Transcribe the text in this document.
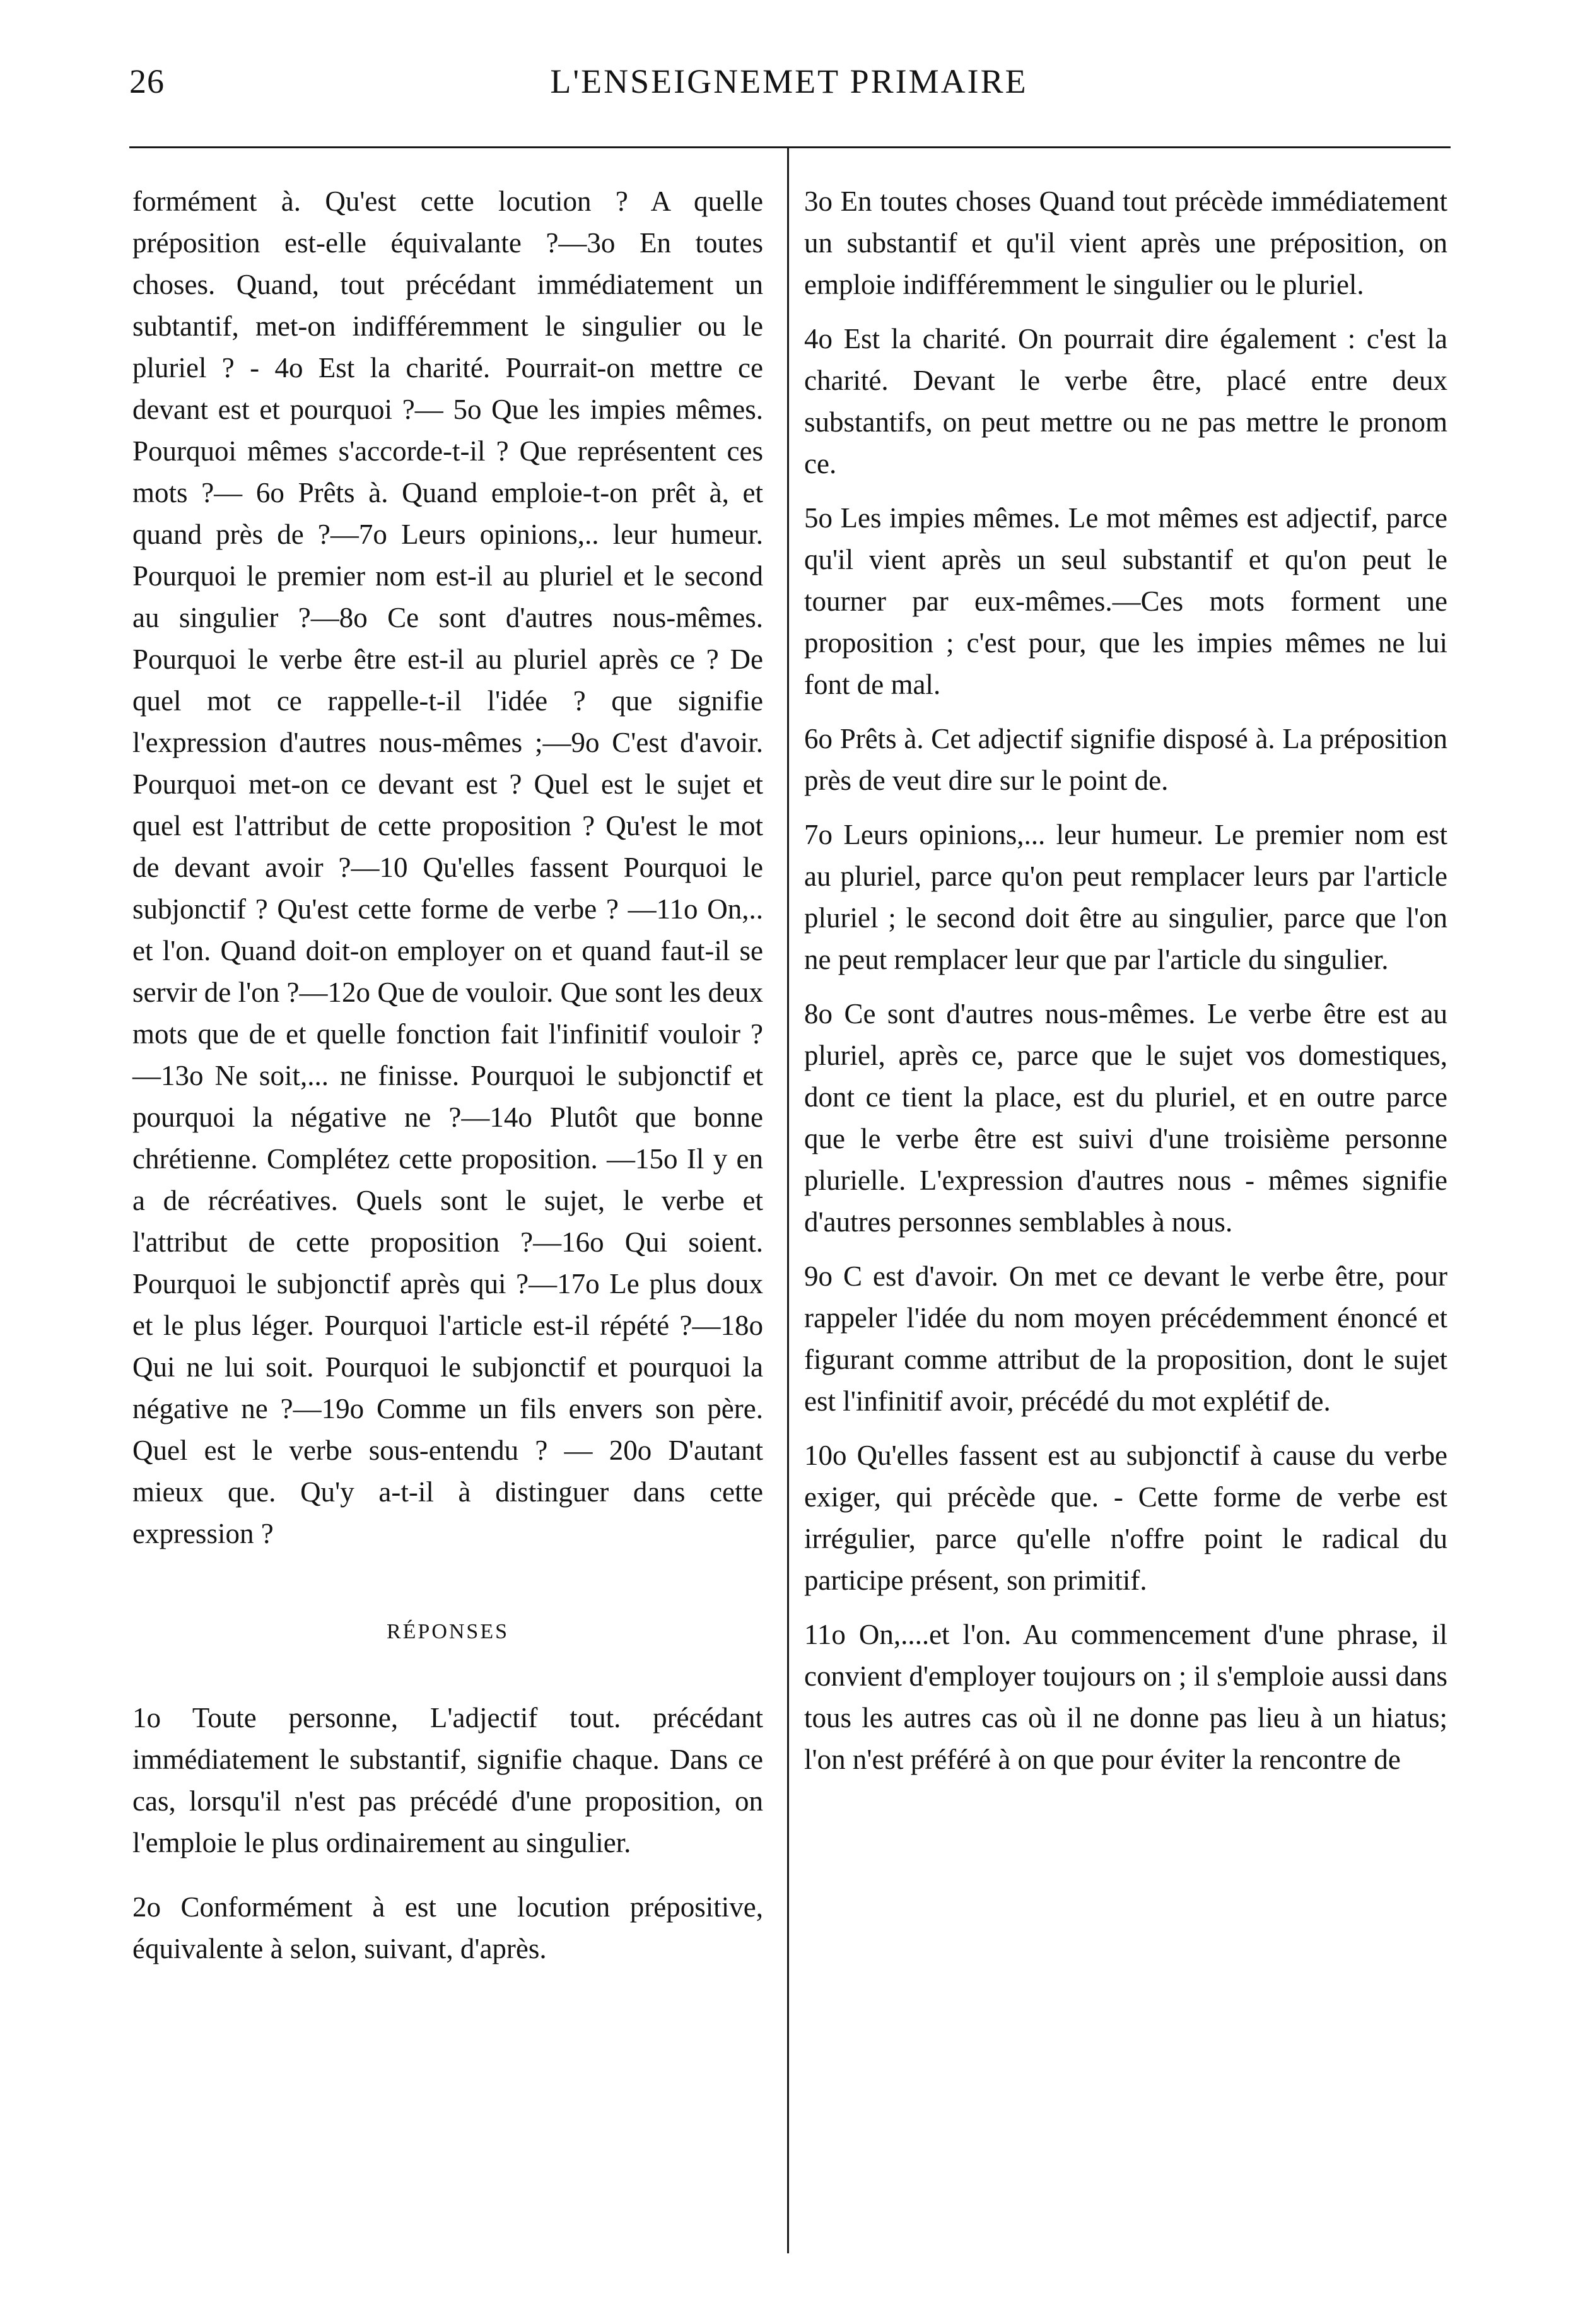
26	L'ENSEIGNEMET PRIMAIRE

formément à. Qu'est cette locution ? A quelle préposition est-elle équivalante ?—3o En toutes choses. Quand, tout précédant immédiatement un subtantif, met-on indifféremment le singulier ou le pluriel ? - 4o Est la charité. Pourrait-on mettre ce devant est et pourquoi ?— 5o Que les impies mêmes. Pourquoi mêmes s'accorde-t-il ? Que représentent ces mots ?— 6o Prêts à. Quand emploie-t-on prêt à, et quand près de ?—7o Leurs opinions,.. leur humeur. Pourquoi le premier nom est-il au pluriel et le second au singulier ?—8o Ce sont d'autres nous-mêmes. Pourquoi le verbe être est-il au pluriel après ce ? De quel mot ce rappelle-t-il l'idée ? que signifie l'expression d'autres nous-mêmes ;—9o C'est d'avoir. Pourquoi met-on ce devant est ? Quel est le sujet et quel est l'attribut de cette proposition ? Qu'est le mot de devant avoir ?—10 Qu'elles fassent Pourquoi le subjonctif ? Qu'est cette forme de verbe ? —11o On,.. et l'on. Quand doit-on employer on et quand faut-il se servir de l'on ?—12o Que de vouloir. Que sont les deux mots que de et quelle fonction fait l'infinitif vouloir ? —13o Ne soit,... ne finisse. Pourquoi le subjonctif et pourquoi la négative ne ?—14o Plutôt que bonne chrétienne. Complétez cette proposition. —15o Il y en a de récréatives. Quels sont le sujet, le verbe et l'attribut de cette proposition ?—16o Qui soient. Pourquoi le subjonctif après qui ?—17o Le plus doux et le plus léger. Pourquoi l'article est-il répété ?—18o Qui ne lui soit. Pourquoi le subjonctif et pourquoi la négative ne ?—19o Comme un fils envers son père. Quel est le verbe sous-entendu ? — 20o D'autant mieux que. Qu'y a-t-il à distinguer dans cette expression ?

RÉPONSES

1o Toute personne, L'adjectif tout. précédant immédiatement le substantif, signifie chaque. Dans ce cas, lorsqu'il n'est pas précédé d'une proposition, on l'emploie le plus ordinairement au singulier.

2o Conformément à est une locution prépositive, équivalente à selon, suivant, d'après.

3o En toutes choses Quand tout précède immédiatement un substantif et qu'il vient après une préposition, on emploie indifféremment le singulier ou le pluriel.

4o Est la charité. On pourrait dire également : c'est la charité. Devant le verbe être, placé entre deux substantifs, on peut mettre ou ne pas mettre le pronom ce.

5o Les impies mêmes. Le mot mêmes est adjectif, parce qu'il vient après un seul substantif et qu'on peut le tourner par eux-mêmes.—Ces mots forment une proposition ; c'est pour, que les impies mêmes ne lui font de mal.

6o Prêts à. Cet adjectif signifie disposé à. La préposition près de veut dire sur le point de.

7o Leurs opinions,... leur humeur. Le premier nom est au pluriel, parce qu'on peut remplacer leurs par l'article pluriel ; le second doit être au singulier, parce que l'on ne peut remplacer leur que par l'article du singulier.

8o Ce sont d'autres nous-mêmes. Le verbe être est au pluriel, après ce, parce que le sujet vos domestiques, dont ce tient la place, est du pluriel, et en outre parce que le verbe être est suivi d'une troisième personne plurielle. L'expression d'autres nous - mêmes signifie d'autres personnes semblables à nous.

9o C est d'avoir. On met ce devant le verbe être, pour rappeler l'idée du nom moyen précédemment énoncé et figurant comme attribut de la proposition, dont le sujet est l'infinitif avoir, précédé du mot explétif de.

10o Qu'elles fassent est au subjonctif à cause du verbe exiger, qui précède que. - Cette forme de verbe est irrégulier, parce qu'elle n'offre point le radical du participe présent, son primitif.

11o On,....et l'on. Au commencement d'une phrase, il convient d'employer toujours on ; il s'emploie aussi dans tous les autres cas où il ne donne pas lieu à un hiatus; l'on n'est préféré à on que pour éviter la rencontre de
